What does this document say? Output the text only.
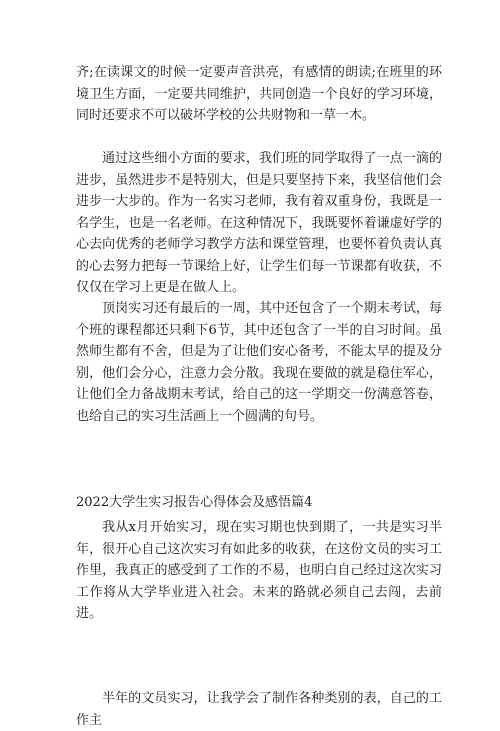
齐;在读课文的时候一定要声音洪亮，有感情的朗读;在班里的环境卫生方面，一定要共同维护，共同创造一个良好的学习环境，同时还要求不可以破坏学校的公共财物和一草一木。

通过这些细小方面的要求，我们班的同学取得了一点一滴的进步，虽然进步不是特别大，但是只要坚持下来，我坚信他们会进步一大步的。作为一名实习老师，我有着双重身份，我既是一名学生，也是一名老师。在这种情况下，我既要怀着谦虚好学的心去向优秀的老师学习教学方法和课堂管理，也要怀着负责认真的心去努力把每一节课给上好，让学生们每一节课都有收获，不仅仅在学习上更是在做人上。

顶岗实习还有最后的一周，其中还包含了一个期末考试，每个班的课程都还只剩下6节，其中还包含了一半的自习时间。虽然师生都有不舍，但是为了让他们安心备考，不能太早的提及分别，他们会分心，注意力会分散。我现在要做的就是稳住军心，让他们全力备战期末考试，给自己的这一学期交一份满意答卷，也给自己的实习生活画上一个圆满的句号。

2022大学生实习报告心得体会及感悟篇4

我从x月开始实习，现在实习期也快到期了，一共是实习半年，很开心自己这次实习有如此多的收获，在这份文员的实习工作里，我真正的感受到了工作的不易，也明白自己经过这次实习工作将从大学毕业进入社会。未来的路就必须自己去闯，去前进。

半年的文员实习，让我学会了制作各种类别的表，自己的工作主
